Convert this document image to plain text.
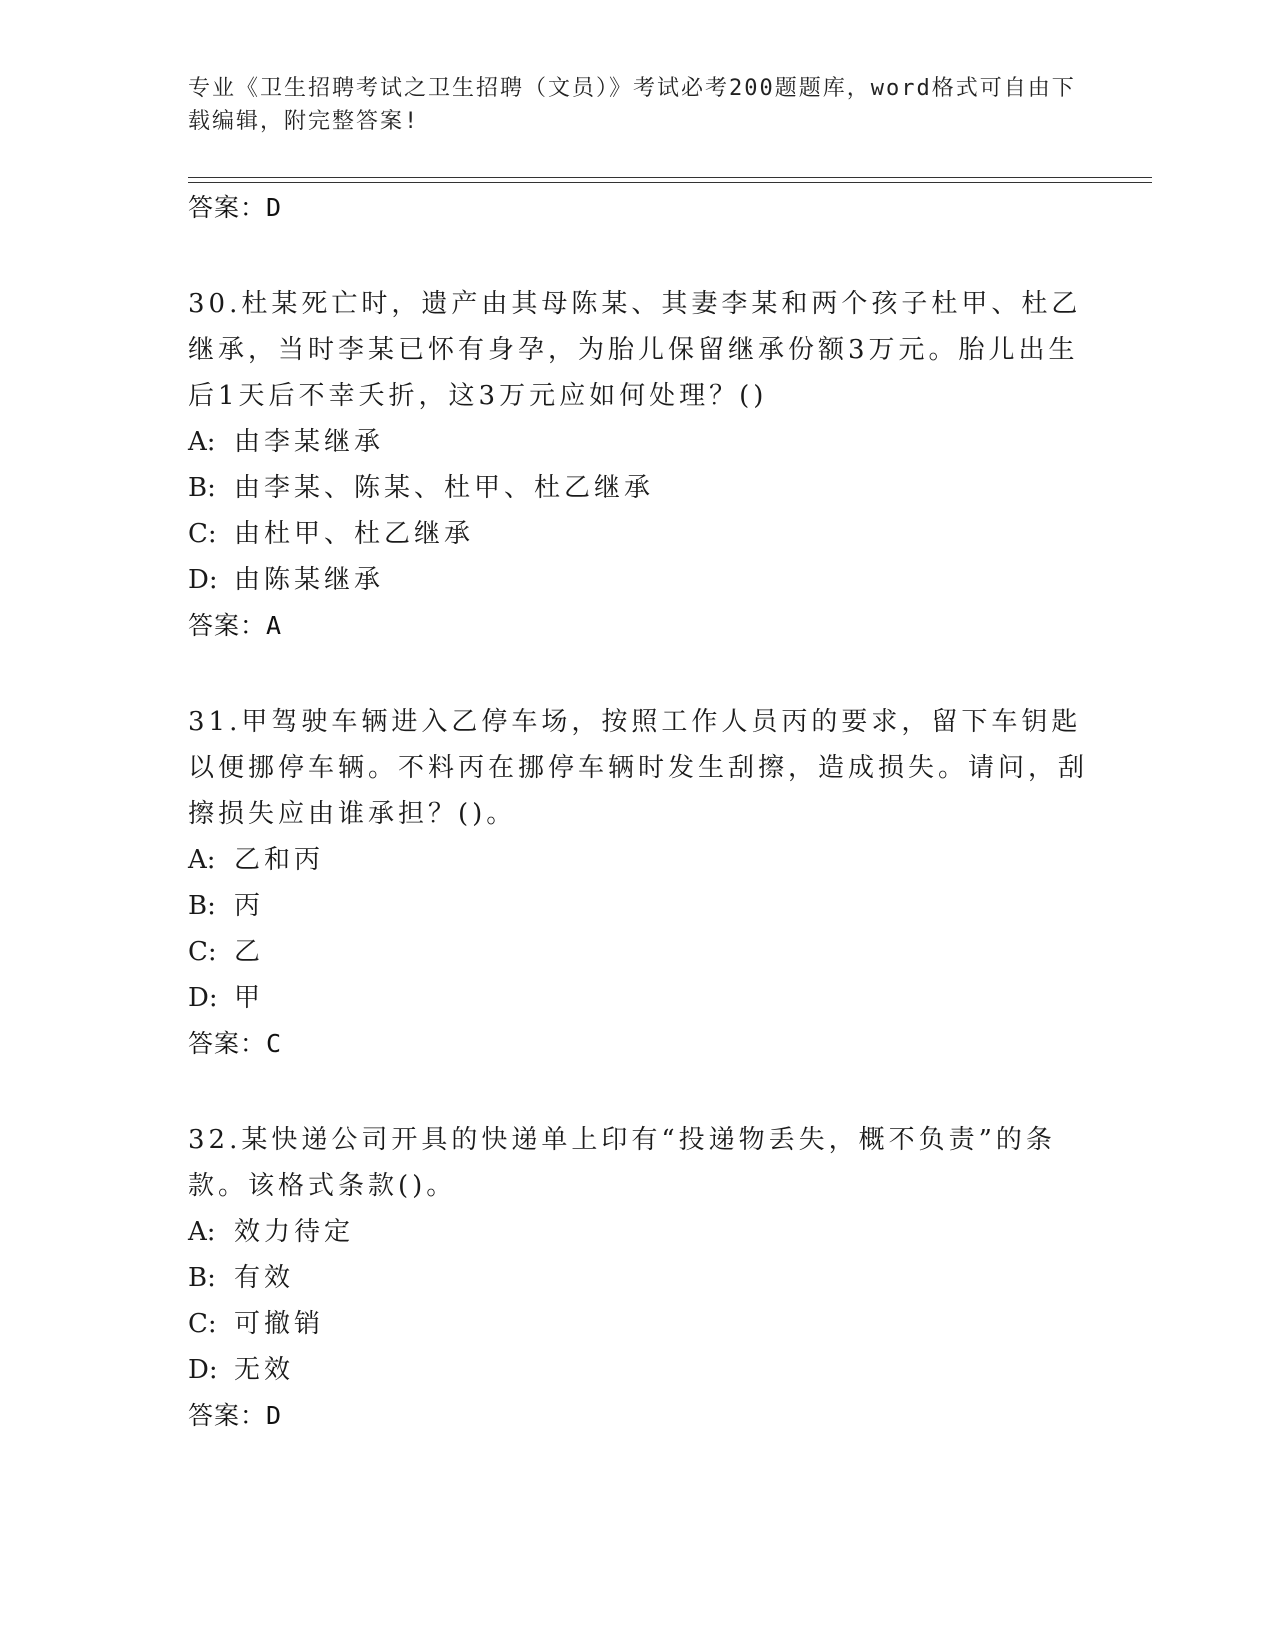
专业《卫生招聘考试之卫生招聘（文员）》考试必考200题题库，word格式可自由下载编辑，附完整答案!
答案：D
30.杜某死亡时，遗产由其母陈某、其妻李某和两个孩子杜甲、杜乙继承，当时李某已怀有身孕，为胎儿保留继承份额3万元。胎儿出生后1天后不幸夭折，这3万元应如何处理？()
A: 由李某继承
B: 由李某、陈某、杜甲、杜乙继承
C: 由杜甲、杜乙继承
D: 由陈某继承
答案：A
31.甲驾驶车辆进入乙停车场，按照工作人员丙的要求，留下车钥匙以便挪停车辆。不料丙在挪停车辆时发生刮擦，造成损失。请问，刮擦损失应由谁承担？()。
A: 乙和丙
B: 丙
C: 乙
D: 甲
答案：C
32.某快递公司开具的快递单上印有“投递物丢失，概不负责”的条款。该格式条款()。
A: 效力待定
B: 有效
C: 可撤销
D: 无效
答案：D
